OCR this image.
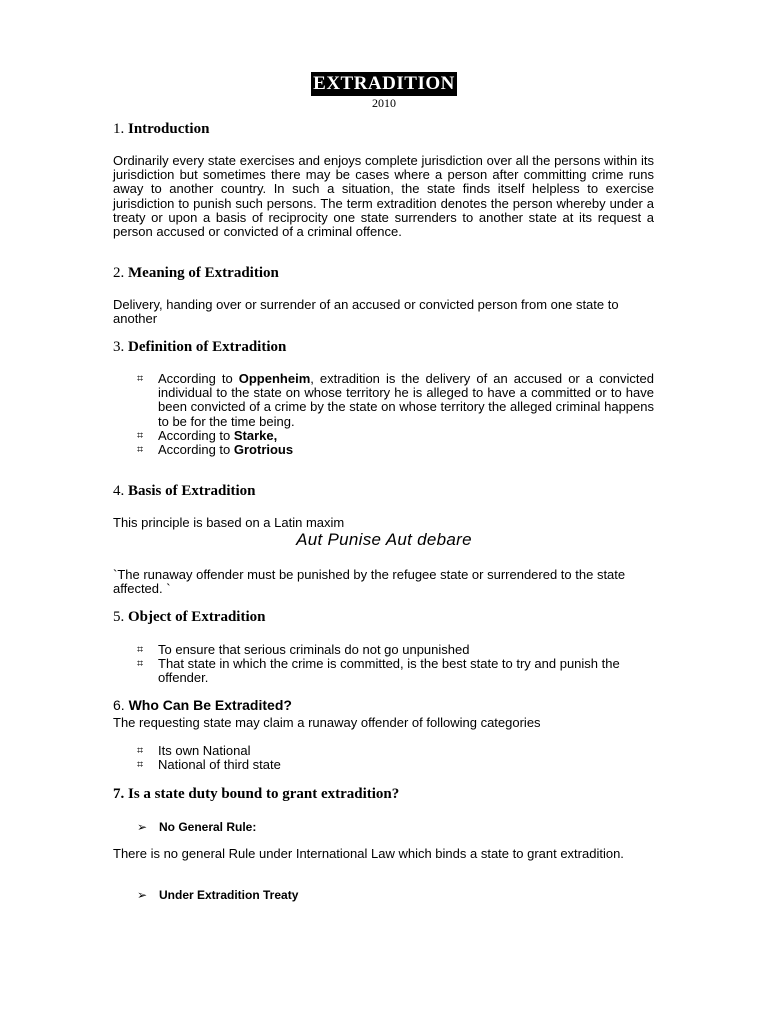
EXTRADITION
2010
1. Introduction
Ordinarily every state exercises and enjoys complete jurisdiction over all the persons within its jurisdiction but sometimes there may be cases where a person after committing crime runs away to another country. In such a situation, the state finds itself helpless to exercise jurisdiction to punish such persons. The term extradition denotes the person whereby under a treaty or upon a basis of reciprocity one state surrenders to another state at its request a person accused or convicted of a criminal offence.
2. Meaning of Extradition
Delivery, handing over or surrender of an accused or convicted person from one state to another
3. Definition of Extradition
⌗ According to Oppenheim, extradition is the delivery of an accused or a convicted individual to the state on whose territory he is alleged to have a committed or to have been convicted of a crime by the state on whose territory the alleged criminal happens to be for the time being.
⌗ According to Starke,
⌗ According to Grotrious
4. Basis of Extradition
This principle is based on a Latin maxim
Aut Punise Aut debare
`The runaway offender must be punished by the refugee state or surrendered to the state affected. `
5. Object of Extradition
⌗ To ensure that serious criminals do not go unpunished
⌗ That state in which the crime is committed, is the best state to try and punish the offender.
6. Who Can Be Extradited?
The requesting state may claim a runaway offender of following categories
⌗ Its own National
⌗ National of third state
7. Is a state duty bound to grant extradition?
➢ No General Rule:
There is no general Rule under International Law which binds a state to grant extradition.
➢ Under Extradition Treaty
